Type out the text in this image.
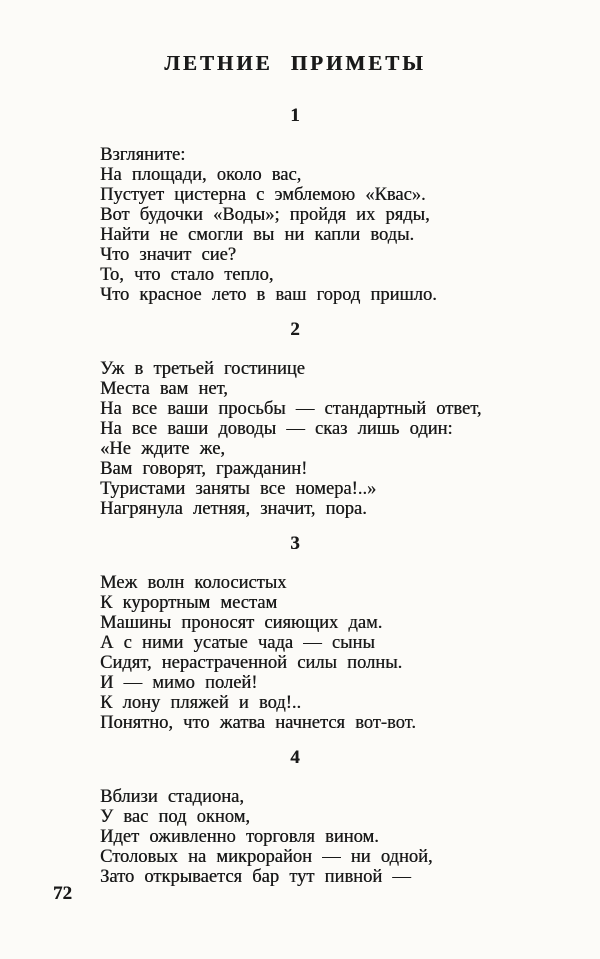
ЛЕТНИЕ ПРИМЕТЫ
1
Взгляните:
На площади, около вас,
Пустует цистерна с эмблемою «Квас».
Вот будочки «Воды»; пройдя их ряды,
Найти не смогли вы ни капли воды.
Что значит сие?
То, что стало тепло,
Что красное лето в ваш город пришло.
2
Уж в третьей гостинице
Места вам нет,
На все ваши просьбы — стандартный ответ,
На все ваши доводы — сказ лишь один:
«Не ждите же,
Вам говорят, гражданин!
Туристами заняты все номера!..»
Нагрянула летняя, значит, пора.
3
Меж волн колосистых
К курортным местам
Машины проносят сияющих дам.
А с ними усатые чада — сыны
Сидят, нерастраченной силы полны.
И — мимо полей!
К лону пляжей и вод!..
Понятно, что жатва начнется вот-вот.
4
Вблизи стадиона,
У вас под окном,
Идет оживленно торговля вином.
Столовых на микрорайон — ни одной,
Зато открывается бар тут пивной —
72
